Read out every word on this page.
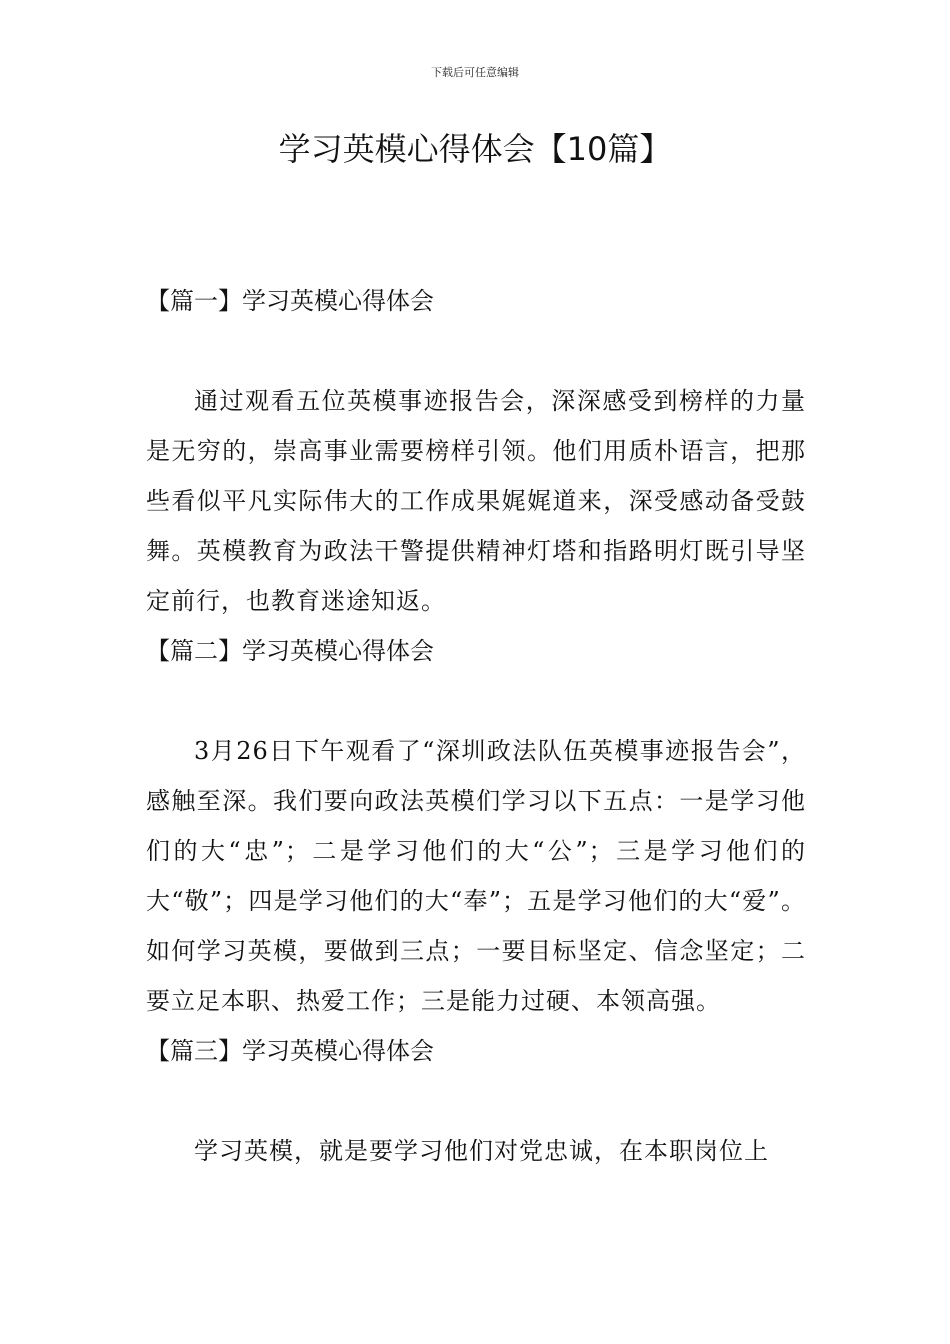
下载后可任意编辑
学习英模心得体会【10篇】

【篇一】学习英模心得体会

通过观看五位英模事迹报告会，深深感受到榜样的力量是无穷的，崇高事业需要榜样引领。他们用质朴语言，把那些看似平凡实际伟大的工作成果娓娓道来，深受感动备受鼓舞。英模教育为政法干警提供精神灯塔和指路明灯既引导坚定前行，也教育迷途知返。

【篇二】学习英模心得体会

3月26日下午观看了“深圳政法队伍英模事迹报告会”，感触至深。我们要向政法英模们学习以下五点：一是学习他们的大“忠”；二是学习他们的大“公”；三是学习他们的大“敬”；四是学习他们的大“奉”；五是学习他们的大“爱”。如何学习英模，要做到三点；一要目标坚定、信念坚定；二要立足本职、热爱工作；三是能力过硬、本领高强。

【篇三】学习英模心得体会

学习英模，就是要学习他们对党忠诚，在本职岗位上
